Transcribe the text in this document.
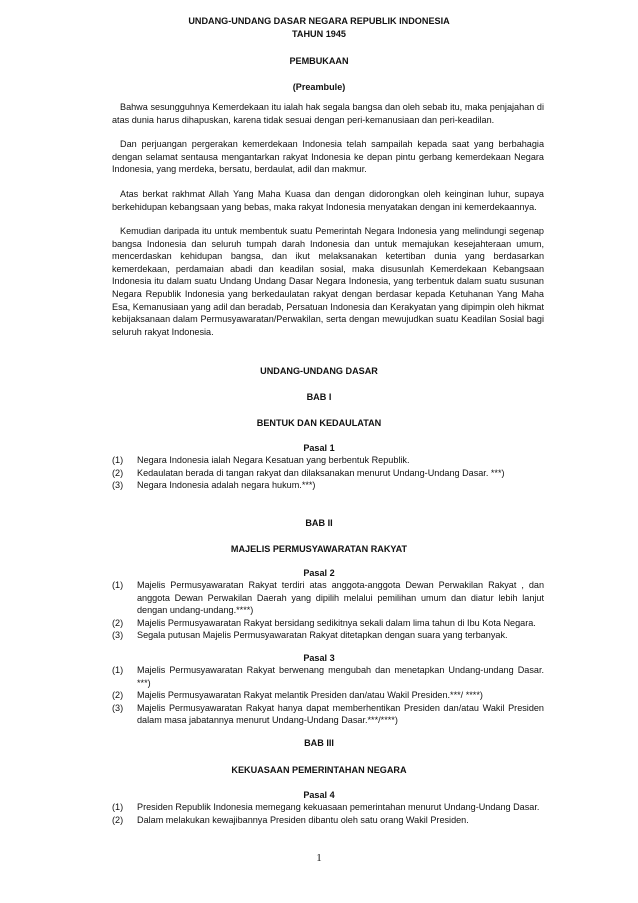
UNDANG-UNDANG DASAR NEGARA REPUBLIK INDONESIA
TAHUN 1945
PEMBUKAAN
(Preambule)

Bahwa sesungguhnya Kemerdekaan itu ialah hak segala bangsa dan oleh sebab itu, maka penjajahan di atas dunia harus dihapuskan, karena tidak sesuai dengan peri-kemanusiaan dan peri-keadilan.

Dan perjuangan pergerakan kemerdekaan Indonesia telah sampailah kepada saat yang berbahagia dengan selamat sentausa mengantarkan rakyat Indonesia ke depan pintu gerbang kemerdekaan Negara Indonesia, yang merdeka, bersatu, berdaulat, adil dan makmur.

Atas berkat rakhmat Allah Yang Maha Kuasa dan dengan didorongkan oleh keinginan luhur, supaya berkehidupan kebangsaan yang bebas, maka rakyat Indonesia menyatakan dengan ini kemerdekaannya.

Kemudian daripada itu untuk membentuk suatu Pemerintah Negara Indonesia yang melindungi segenap bangsa Indonesia dan seluruh tumpah darah Indonesia dan untuk memajukan kesejahteraan umum, mencerdaskan kehidupan bangsa, dan ikut melaksanakan ketertiban dunia yang berdasarkan kemerdekaan, perdamaian abadi dan keadilan sosial, maka disusunlah Kemerdekaan Kebangsaan Indonesia itu dalam suatu Undang Undang Dasar Negara Indonesia, yang terbentuk dalam suatu susunan Negara Republik Indonesia yang berkedaulatan rakyat dengan berdasar kepada Ketuhanan Yang Maha Esa, Kemanusiaan yang adil dan beradab, Persatuan Indonesia dan Kerakyatan yang dipimpin oleh hikmat kebijaksanaan dalam Permusyawaratan/Perwakilan, serta dengan mewujudkan suatu Keadilan Sosial bagi seluruh rakyat Indonesia.

UNDANG-UNDANG DASAR
BAB I
BENTUK DAN KEDAULATAN
Pasal 1
(1) Negara Indonesia ialah Negara Kesatuan yang berbentuk Republik.
(2) Kedaulatan berada di tangan rakyat dan dilaksanakan menurut Undang-Undang Dasar. ***)
(3) Negara Indonesia adalah negara hukum.***)
BAB II
MAJELIS PERMUSYAWARATAN RAKYAT
Pasal 2
(1) Majelis Permusyawaratan Rakyat terdiri atas anggota-anggota Dewan Perwakilan Rakyat , dan anggota Dewan Perwakilan Daerah yang dipilih melalui pemilihan umum dan diatur lebih lanjut dengan undang-undang.****)
(2) Majelis Permusyawaratan Rakyat bersidang sedikitnya sekali dalam lima tahun di Ibu Kota Negara.
(3) Segala putusan Majelis Permusyawaratan Rakyat ditetapkan dengan suara yang terbanyak.
Pasal 3
(1) Majelis Permusyawaratan Rakyat berwenang mengubah dan menetapkan Undang-undang Dasar. ***)
(2) Majelis Permusyawaratan Rakyat melantik Presiden dan/atau Wakil Presiden.***/ ****)
(3) Majelis Permusyawaratan Rakyat hanya dapat memberhentikan Presiden dan/atau Wakil Presiden dalam masa jabatannya menurut Undang-Undang Dasar.***/****)
BAB III
KEKUASAAN PEMERINTAHAN NEGARA
Pasal 4
(1) Presiden Republik Indonesia memegang kekuasaan pemerintahan menurut Undang-Undang Dasar.
(2) Dalam melakukan kewajibannya Presiden dibantu oleh satu orang Wakil Presiden.
1
